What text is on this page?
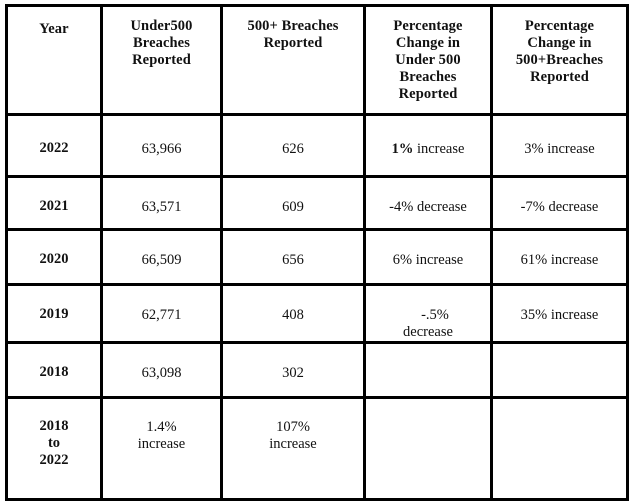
Year	Under500
Breaches
Reported	500+ Breaches
Reported	Percentage
Change in
Under 500
Breaches
Reported	Percentage
Change in
500+Breaches
Reported

2022	63,966	626	1% increase	3% increase

2021	63,571	609	-4% decrease	-7% decrease

2020	66,509	656	6% increase	61% increase

2019	62,771	408	-.5%
decrease	35% increase

2018	63,098	302		

2018
to
2022	1.4%
increase	107%
increase		
